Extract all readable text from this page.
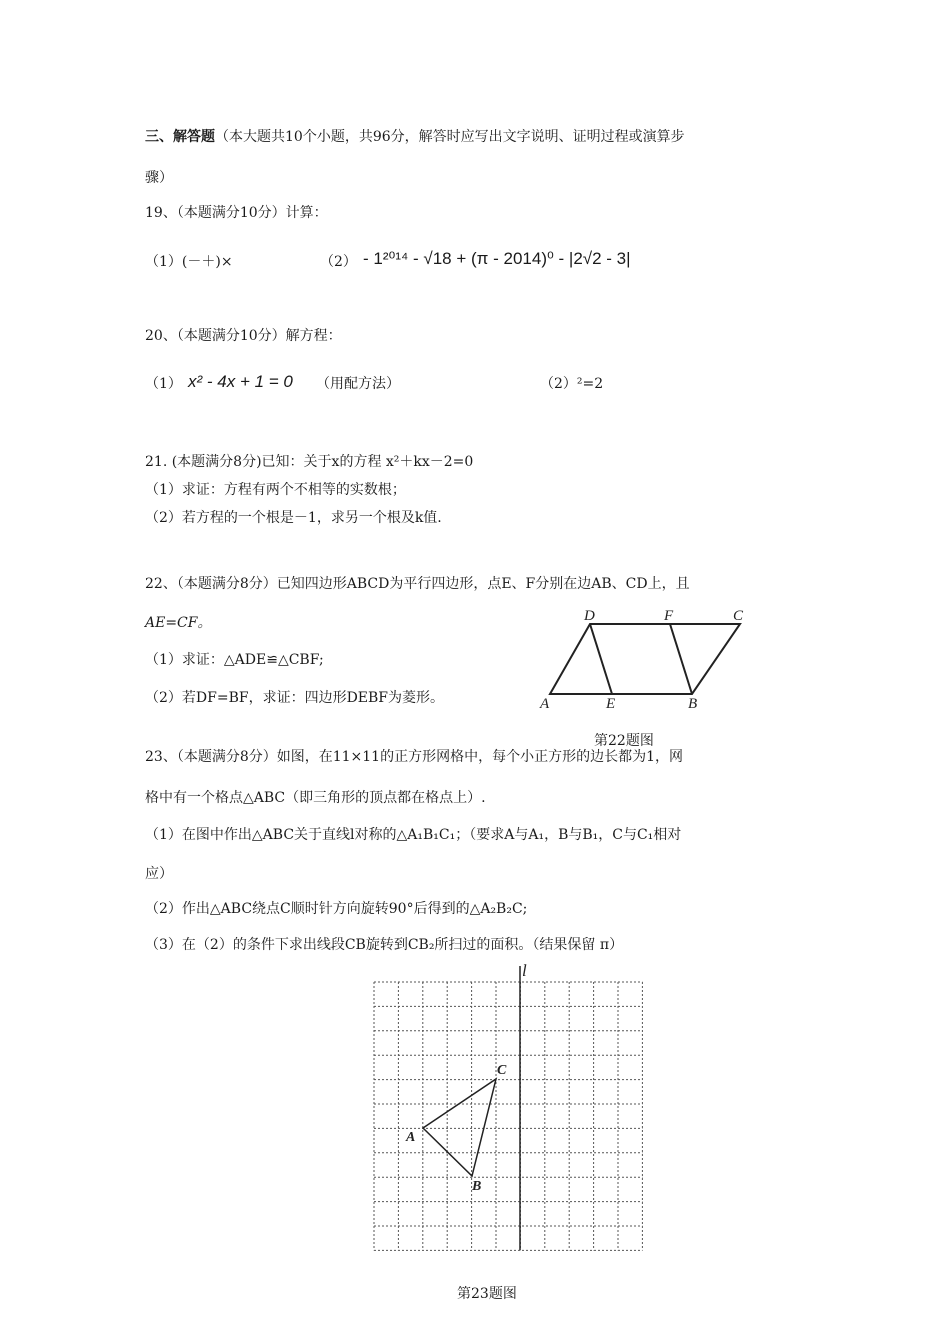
三、解答题（本大题共10个小题，共96分，解答时应写出文字说明、证明过程或演算步
骤）
19、（本题满分10分）计算：
（1）(－＋)×	（2） - 1²⁰¹⁴ - √18 + (π - 2014)⁰ - |2√2 - 3|
20、（本题满分10分）解方程：
（1） x² - 4x + 1 = 0 （用配方法）	（2）²=2
21. (本题满分8分)已知：关于x的方程 x²＋kx－2=0
（1）求证：方程有两个不相等的实数根；
（2）若方程的一个根是－1，求另一个根及k值.
22、（本题满分8分）已知四边形ABCD为平行四边形，点E、F分别在边AB、CD上，且
AE=CF。
（1）求证：△ADE≌△CBF;
（2）若DF=BF，求证：四边形DEBF为菱形。	A	B
C
D
E
F
第22题图
23、（本题满分8分）如图，在11×11的正方形网格中，每个小正方形的边长都为1，网
格中有一个格点△ABC（即三角形的顶点都在格点上）.
（1）在图中作出△ABC关于直线l对称的△A₁B₁C₁；（要求A与A₁，B与B₁，C与C₁相对
应）
（2）作出△ABC绕点C顺时针方向旋转90°后得到的△A₂B₂C;
（3）在（2）的条件下求出线段CB旋转到CB₂所扫过的面积。（结果保留 π）
l
A
B
C
第23题图
